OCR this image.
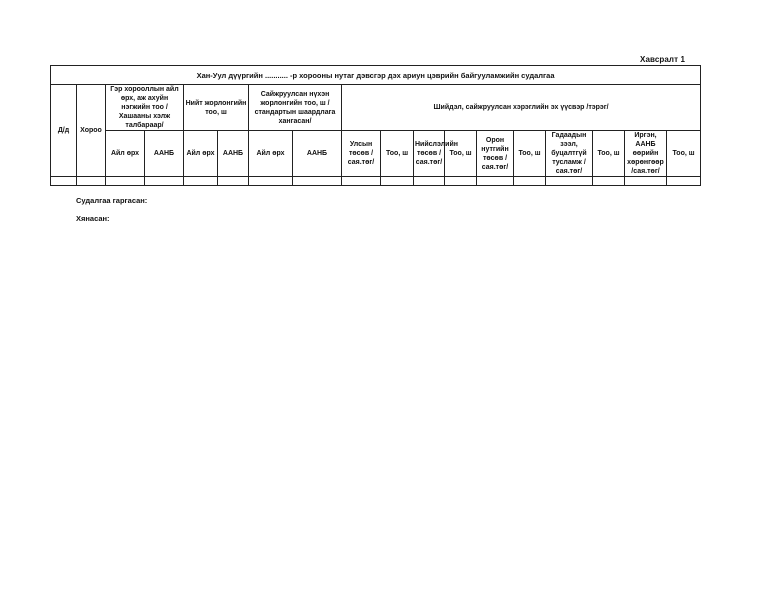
Хавсралт 1
Хан-Уул дүүргийн ........... -р хорооны нутаг дэвсгэр дэх ариун цэврийн байгууламжийн судалгаа																	
Д/д	Хороо	Гэр хорооллын айл өрх, аж ахуйн нэгжийн тоо /Хашааны хэлж талбараар/		Нийт жорлонгийн тоо, ш		Сайжруулсан нүхэн жорлонгийн тоо, ш /стандартын шаардлага хангасан/		Шийдэл, сайжруулсан хэрэглийн эх үүсвэр /тэрэг/									
		Айл өрх	ААНБ	Айл өрх	ААНБ	Айл өрх	ААНБ	Улсын төсөв /сая.төг/	Тоо, ш	Нийслэлийн төсөв /сая.төг/	Тоо, ш	Орон нутгийн төсөв /сая.төг/	Тоо, ш	Гадаадын зээл, буцалтгүй тусламж /сая.төг/	Тоо, ш	Иргэн, ААНБ өөрийн хөрөнгөөр /сая.төг/	Тоо, ш

Судалгаа гаргасан:
Хянасан:
